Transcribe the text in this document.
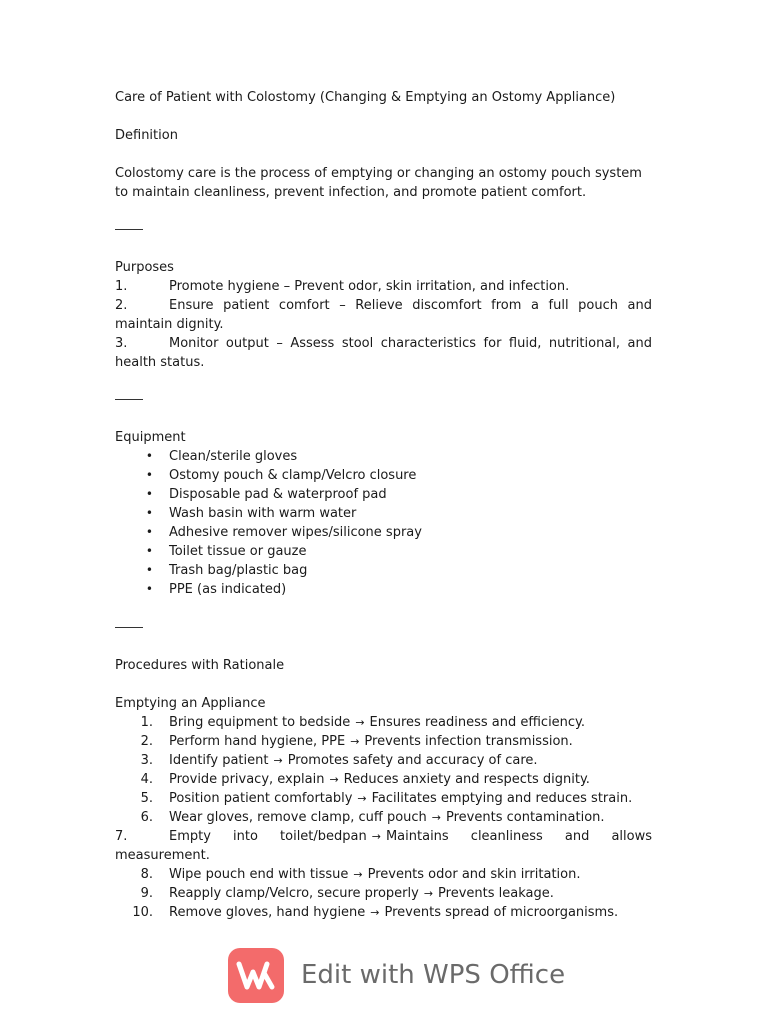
Care of Patient with Colostomy (Changing & Emptying an Ostomy Appliance)
Definition
Colostomy care is the process of emptying or changing an ostomy pouch system to maintain cleanliness, prevent infection, and promote patient comfort.
Purposes
1.	Promote hygiene – Prevent odor, skin irritation, and infection.
2.	Ensure patient comfort – Relieve discomfort from a full pouch and maintain dignity.
3.	Monitor output – Assess stool characteristics for fluid, nutritional, and health status.
Equipment
• Clean/sterile gloves
• Ostomy pouch & clamp/Velcro closure
• Disposable pad & waterproof pad
• Wash basin with warm water
• Adhesive remover wipes/silicone spray
• Toilet tissue or gauze
• Trash bag/plastic bag
• PPE (as indicated)
Procedures with Rationale
Emptying an Appliance
1. Bring equipment to bedside → Ensures readiness and efficiency.
2. Perform hand hygiene, PPE → Prevents infection transmission.
3. Identify patient → Promotes safety and accuracy of care.
4. Provide privacy, explain → Reduces anxiety and respects dignity.
5. Position patient comfortably → Facilitates emptying and reduces strain.
6. Wear gloves, remove clamp, cuff pouch → Prevents contamination.
7.	Empty into toilet/bedpan → Maintains cleanliness and allows measurement.
8. Wipe pouch end with tissue → Prevents odor and skin irritation.
9. Reapply clamp/Velcro, secure properly → Prevents leakage.
10. Remove gloves, hand hygiene → Prevents spread of microorganisms.
Edit with WPS Office
